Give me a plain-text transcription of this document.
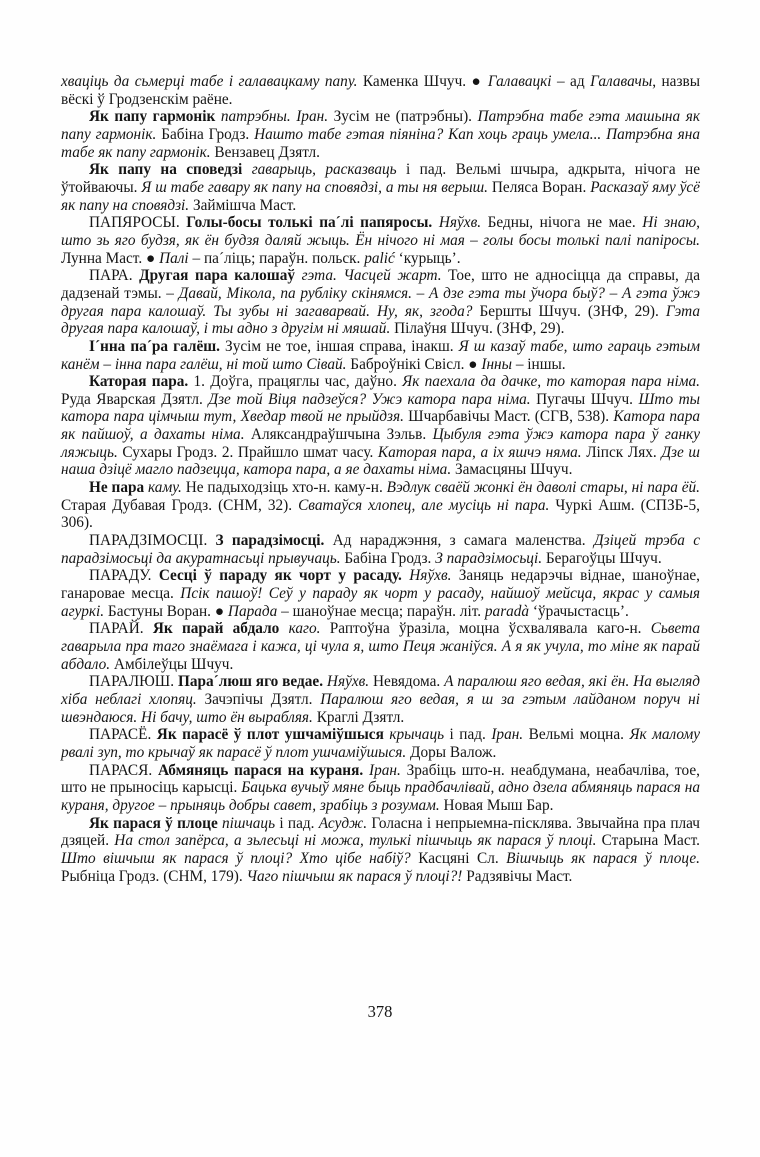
хваціць да сьмерці табе і галавацкаму папу. Каменка Шчуч. ● Галавацкі – ад Галавачы, назвы вёскі ў Гродзенскім раёне.

Як папу гармонік патрэбны. Іран. Зусім не (патрэбны). Патрэбна табе гэта машына як папу гармонік. Бабіна Гродз. Нашто табе гэтая піяніна? Кап хоць граць умела... Патрэбна яна табе як папу гармонік. Вензавец Дзятл.

Як папу на споведзі гаварыць, расказваць і пад. Вельмі шчыра, адкрыта, нічога не ўтойваючы. Я ш табе гавару як папу на сповядзі, а ты ня верыш. Пеляса Воран. Расказаў яму ўсё як папу на сповядзі. Займішча Маст.

ПАПЯРОСЫ. Голы-босы толькі па´лі папяросы. Няўхв. Бедны, нічога не мае. Ні знаю, што зь яго будзя, як ён будзя даляй жыць. Ён нічого ні мая – голы босы толькі палі папіросы. Лунна Маст. ● Палі – па´ліць; параўн. польск. palić ‘курыць’.

ПАРА. Другая пара калошаў гэта. Часцей жарт. Тое, што не адносіцца да справы, да дадзенай тэмы. – Давай, Мікола, па рубліку скінямся. – А дзе гэта ты ўчора быў? – А гэта ўжэ другая пара калошаў. Ты зубы ні загаварвай. Ну, як, згода? Бершты Шчуч. (ЗНФ, 29). Гэта другая пара калошаў, і ты адно з другім ні мяшай. Пілаўня Шчуч. (ЗНФ, 29).

І´нна па´ра галёш. Зусім не тое, іншая справа, інакш. Я ш казаў табе, што гараць гэтым канём – інна пара галёш, ні той што Сівай. Баброўнікі Свісл. ● Інны – іншы.

Каторая пара. 1. Доўга, працяглы час, даўно. Як паехала да дачке, то каторая пара німа. Руда Яварская Дзятл. Дзе той Віця падзеўся? Ужэ катора пара німа. Пугачы Шчуч. Што ты катора пара цімчыш тут, Хведар твой не прыйдзя. Шчарбавічы Маст. (СГВ, 538). Катора пара як пайшоў, а дахаты німа. Аляксандраўшчына Зэльв. Цыбуля гэта ўжэ катора пара ў ганку ляжыць. Сухары Гродз. 2. Прайшло шмат часу. Каторая пара, а іх яшчэ няма. Ліпск Лях. Дзе ш наша дзіцё магло падзецца, катора пара, а яе дахаты німа. Замасцяны Шчуч.

Не пара каму. Не падыходзіць хто-н. каму-н. Вэдлук сваёй жонкі ён даволі стары, ні пара ёй. Старая Дубавая Гродз. (СНМ, 32). Сватаўся хлопец, але мусіць ні пара. Чуркі Ашм. (СПЗБ-5, 306).

ПАРАДЗІМОСЦІ. З парадзімосці. Ад нараджэння, з самага маленства. Дзіцей трэба с парадзімосьці да акуратнасьці прывучаць. Бабіна Гродз. З парадзімосьці. Берагоўцы Шчуч.

ПАРАДУ. Сесці ў параду як чорт у расаду. Няўхв. Заняць недарэчы віднае, шаноўнае, ганаровае месца. Псік пашоў! Сеў у параду як чорт у расаду, найшоў мейсца, якрас у самыя агуркі. Бастуны Воран. ● Парада – шаноўнае месца; параўн. літ. paradà ‘ўрачыстасць’.

ПАРАЙ. Як парай абдало каго. Раптоўна ўразіла, моцна ўсхвалявала каго-н. Сьвета гаварыла пра таго знаёмага і кажа, ці чула я, што Пеця жаніўся. А я як учула, то міне як парай абдало. Амбілеўцы Шчуч.

ПАРАЛЮШ. Пара´люш яго ведае. Няўхв. Невядома. А паралюш яго ведая, які ён. На выгляд хіба неблагі хлопяц. Зачэпічы Дзятл. Паралюш яго ведая, я ш за гэтым лайданом поруч ні швэндаюся. Ні бачу, што ён вырабляя. Краглі Дзятл.

ПАРАСЁ. Як парасё ў плот ушчаміўшыся крычаць і пад. Іран. Вельмі моцна. Як малому рвалі зуп, то крычаў як парасё ў плот ушчаміўшыся. Доры Валож.

ПАРАСЯ. Абмяняць парася на кураня. Іран. Зрабіць што-н. неабдумана, неабачліва, тое, што не прыносіць карысці. Бацька вучыў мяне быць прадбачлівай, адно дзела абмяняць парася на кураня, другое – прыняць добры савет, зрабіць з розумам. Новая Мыш Бар.

Як парася ў плоце пішчаць і пад. Асудж. Голасна і непрыемна-пісклява. Звычайна пра плач дзяцей. На стол запёрса, а зьлесьці ні можа, тулькі пішчыць як парася ў плоці. Старына Маст. Што вішчыш як парася ў плоці? Хто цібе набіў? Касцяні Сл. Вішчыць як парася ў плоце. Рыбніца Гродз. (СНМ, 179). Чаго пішчыш як парася ў плоці?! Радзявічы Маст.

378
